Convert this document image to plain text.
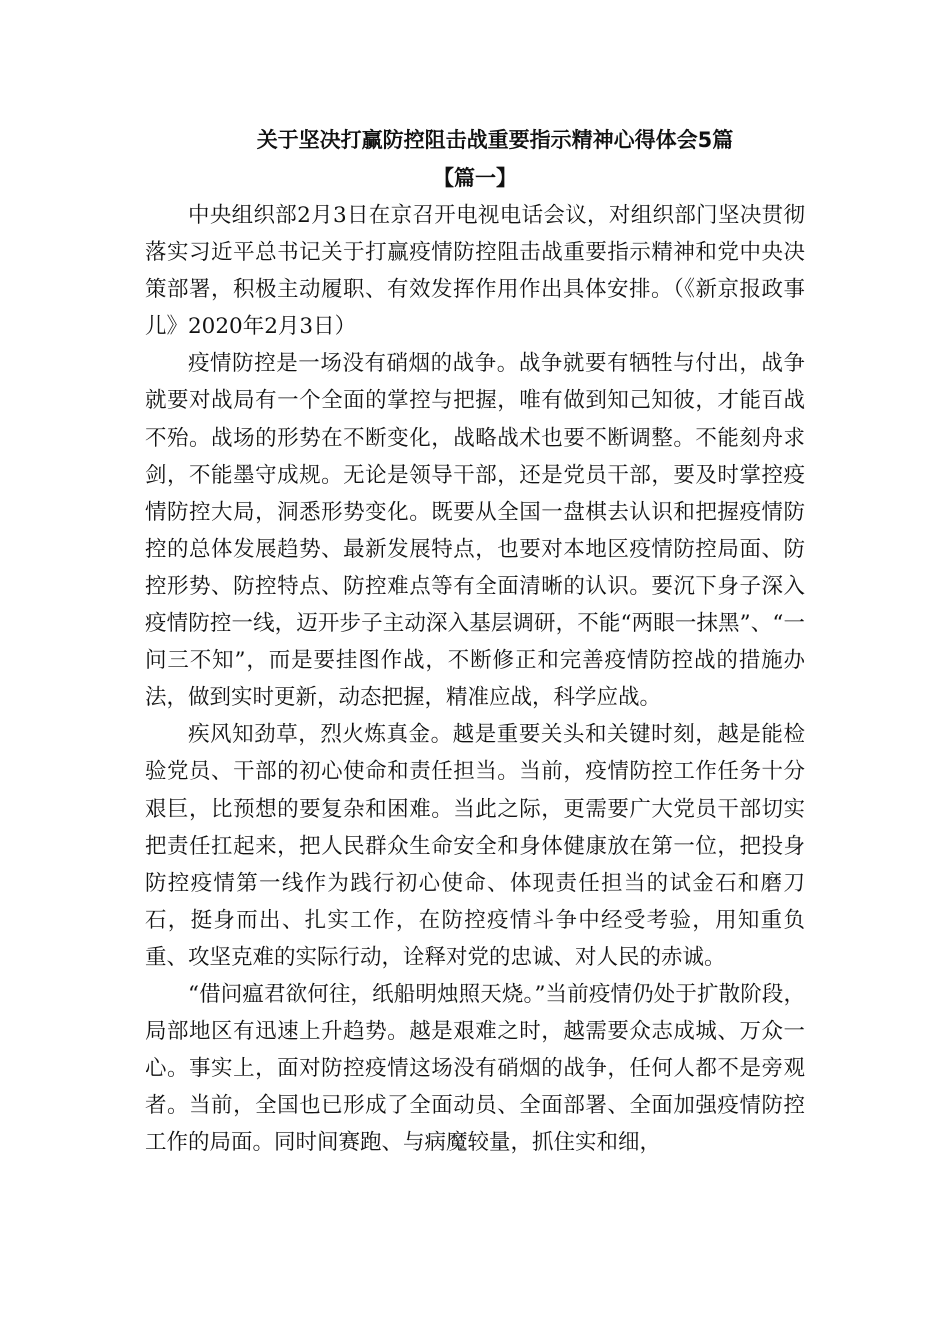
关于坚决打赢防控阻击战重要指示精神心得体会5篇
【篇一】

中央组织部2月3日在京召开电视电话会议，对组织部门坚决贯彻落实习近平总书记关于打赢疫情防控阻击战重要指示精神和党中央决策部署，积极主动履职、有效发挥作用作出具体安排。（《新京报政事儿》2020年2月3日）

疫情防控是一场没有硝烟的战争。战争就要有牺牲与付出，战争就要对战局有一个全面的掌控与把握，唯有做到知己知彼，才能百战不殆。战场的形势在不断变化，战略战术也要不断调整。不能刻舟求剑，不能墨守成规。无论是领导干部，还是党员干部，要及时掌控疫情防控大局，洞悉形势变化。既要从全国一盘棋去认识和把握疫情防控的总体发展趋势、最新发展特点，也要对本地区疫情防控局面、防控形势、防控特点、防控难点等有全面清晰的认识。要沉下身子深入疫情防控一线，迈开步子主动深入基层调研，不能“两眼一抹黑”、“一问三不知”，而是要挂图作战，不断修正和完善疫情防控战的措施办法，做到实时更新，动态把握，精准应战，科学应战。

疾风知劲草，烈火炼真金。越是重要关头和关键时刻，越是能检验党员、干部的初心使命和责任担当。当前，疫情防控工作任务十分艰巨，比预想的要复杂和困难。当此之际，更需要广大党员干部切实把责任扛起来，把人民群众生命安全和身体健康放在第一位，把投身防控疫情第一线作为践行初心使命、体现责任担当的试金石和磨刀石，挺身而出、扎实工作，在防控疫情斗争中经受考验，用知重负重、攻坚克难的实际行动，诠释对党的忠诚、对人民的赤诚。

“借问瘟君欲何往，纸船明烛照天烧。”当前疫情仍处于扩散阶段，局部地区有迅速上升趋势。越是艰难之时，越需要众志成城、万众一心。事实上，面对防控疫情这场没有硝烟的战争，任何人都不是旁观者。当前，全国也已形成了全面动员、全面部署、全面加强疫情防控工作的局面。同时间赛跑、与病魔较量，抓住实和细，
